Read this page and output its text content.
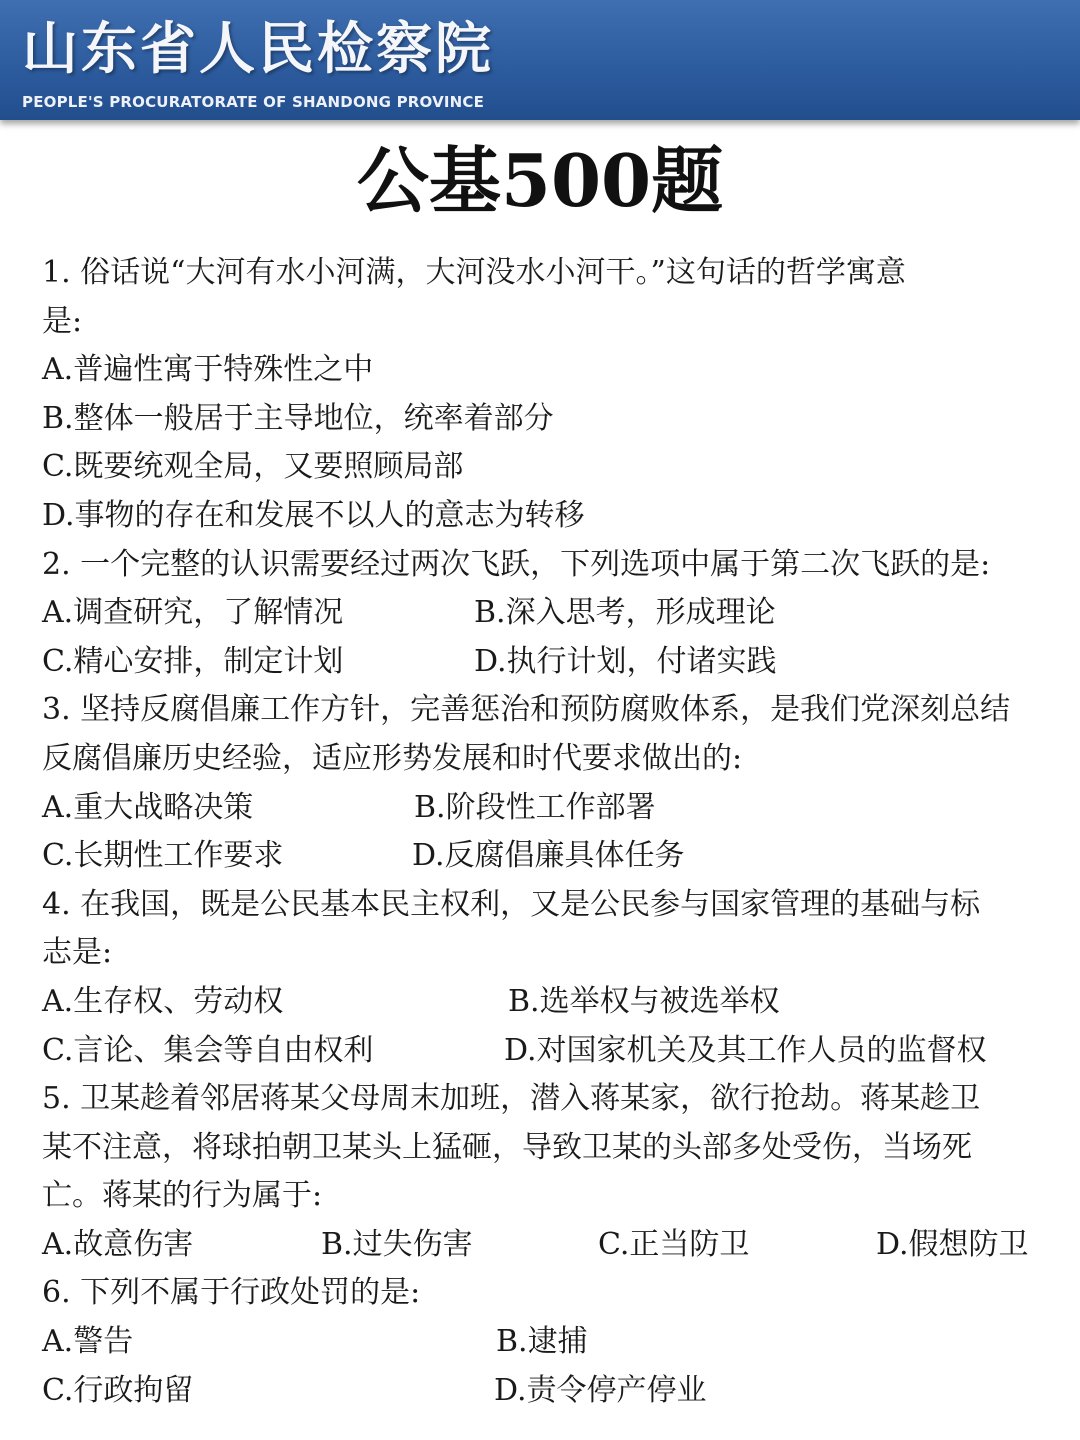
山东省人民检察院
PEOPLE'S PROCURATORATE OF SHANDONG PROVINCE
公基500题
1. 俗话说“大河有水小河满，大河没水小河干。”这句话的哲学寓意
是:
A.普遍性寓于特殊性之中
B.整体一般居于主导地位，统率着部分
C.既要统观全局，又要照顾局部
D.事物的存在和发展不以人的意志为转移
2. 一个完整的认识需要经过两次飞跃，下列选项中属于第二次飞跃的是:
A.调查研究，了解情况	B.深入思考，形成理论
C.精心安排，制定计划	D.执行计划，付诸实践
3. 坚持反腐倡廉工作方针，完善惩治和预防腐败体系，是我们党深刻总结
反腐倡廉历史经验，适应形势发展和时代要求做出的:
A.重大战略决策	B.阶段性工作部署
C.长期性工作要求	D.反腐倡廉具体任务
4. 在我国，既是公民基本民主权利，又是公民参与国家管理的基础与标
志是:
A.生存权、劳动权	B.选举权与被选举权
C.言论、集会等自由权利	D.对国家机关及其工作人员的监督权
5. 卫某趁着邻居蒋某父母周末加班，潜入蒋某家，欲行抢劫。蒋某趁卫
某不注意，将球拍朝卫某头上猛砸，导致卫某的头部多处受伤，当场死
亡。蒋某的行为属于:
A.故意伤害	B.过失伤害	C.正当防卫	D.假想防卫
6. 下列不属于行政处罚的是:
A.警告	B.逮捕
C.行政拘留	D.责令停产停业
